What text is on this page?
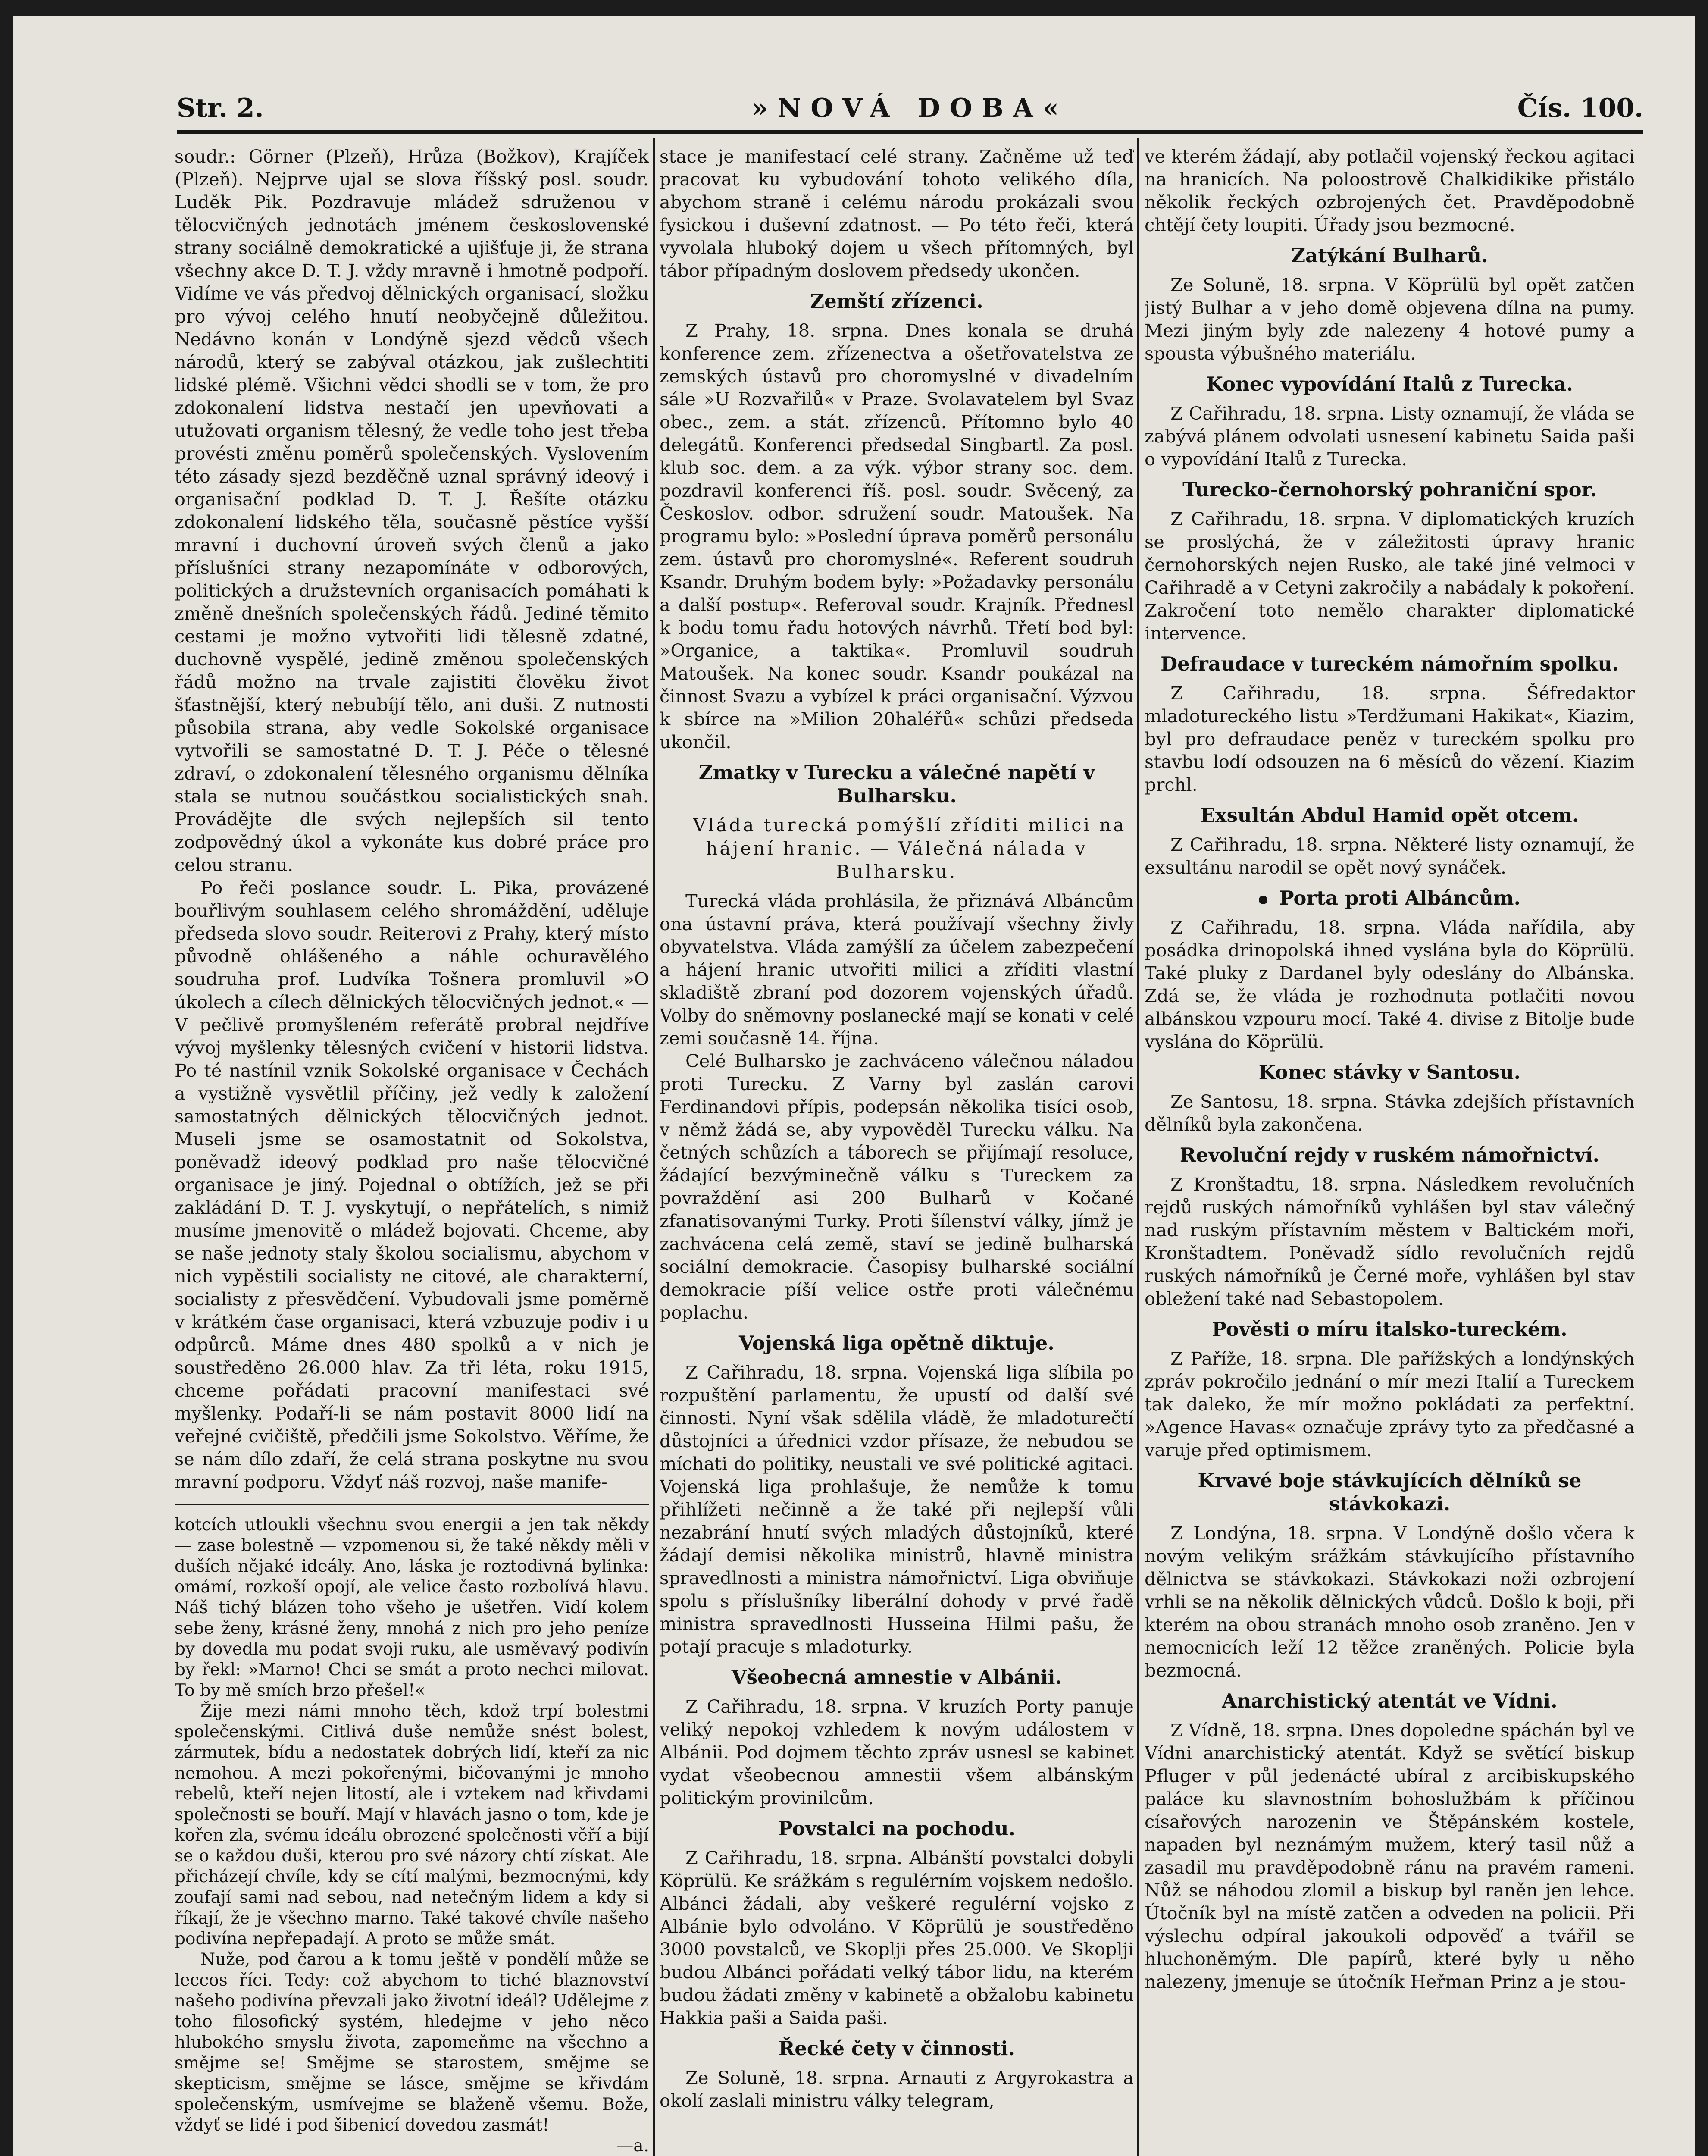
Str. 2.	»NOVÁ DOBA«	Čís. 100.

soudr.: Görner (Plzeň), Hrůza (Božkov), Krajíček (Plzeň). Nejprve ujal se slova říšský posl. soudr. Luděk Pik. Pozdravuje mládež sdruženou v tělocvičných jednotách jménem československé strany sociálně demokratické a ujišťuje ji, že strana všechny akce D. T. J. vždy mravně i hmotně podpoří. Vidíme ve vás předvoj dělnických organisací, složku pro vývoj celého hnutí neobyčejně důležitou. Nedávno konán v Londýně sjezd vědců všech národů, který se zabýval otázkou, jak zušlechtiti lidské plémě. Všichni vědci shodli se v tom, že pro zdokonalení lidstva nestačí jen upevňovati a utužovati organism tělesný, že vedle toho jest třeba provésti změnu poměrů společenských. Vyslovením této zásady sjezd bezděčně uznal správný ideový i organisační podklad D. T. J. Řešíte otázku zdokonalení lidského těla, současně pěstíce vyšší mravní i duchovní úroveň svých členů a jako příslušníci strany nezapomínáte v odborových, politických a družstevních organisacích pomáhati k změně dnešních společenských řádů. Jediné těmito cestami je možno vytvořiti lidi tělesně zdatné, duchovně vyspělé, jedině změnou společenských řádů možno na trvale zajistiti člověku život šťastnější, který nebubíjí tělo, ani duši. Z nutnosti působila strana, aby vedle Sokolské organisace vytvořili se samostatné D. T. J. Péče o tělesné zdraví, o zdokonalení tělesného organismu dělníka stala se nutnou součástkou socialistických snah. Provádějte dle svých nejlepších sil tento zodpovědný úkol a vykonáte kus dobré práce pro celou stranu.

Po řeči poslance soudr. L. Pika, provázené bouřlivým souhlasem celého shromáždění, uděluje předseda slovo soudr. Reiterovi z Prahy, který místo původně ohlášeného a náhle ochuravělého soudruha prof. Ludvíka Tošnera promluvil »O úkolech a cílech dělnických tělocvičných jednot.« — V pečlivě promyšleném referátě probral nejdříve vývoj myšlenky tělesných cvičení v historii lidstva. Po té nastínil vznik Sokolské organisace v Čechách a vystižně vysvětlil příčiny, jež vedly k založení samostatných dělnických tělocvičných jednot. Museli jsme se osamostatnit od Sokolstva, poněvadž ideový podklad pro naše tělocvičné organisace je jiný. Pojednal o obtížích, jež se při zakládání D. T. J. vyskytují, o nepřátelích, s nimiž musíme jmenovitě o mládež bojovati. Chceme, aby se naše jednoty staly školou socialismu, abychom v nich vypěstili socialisty ne citové, ale charakterní, socialisty z přesvědčení. Vybudovali jsme poměrně v krátkém čase organisaci, která vzbuzuje podiv i u odpůrců. Máme dnes 480 spolků a v nich je soustředěno 26.000 hlav. Za tři léta, roku 1915, chceme pořádati pracovní manifestaci své myšlenky. Podaří-li se nám postavit 8000 lidí na veřejné cvičiště, předčili jsme Sokolstvo. Věříme, že se nám dílo zdaří, že celá strana poskytne nu svou mravní podporu. Vždyť náš rozvoj, naše manife-

kotcích utloukli všechnu svou energii a jen tak někdy — zase bolestně — vzpomenou si, že také někdy měli v duších nějaké ideály. Ano, láska je roztodivná bylinka: omámí, rozkoší opojí, ale velice často rozbolívá hlavu. Náš tichý blázen toho všeho je ušetřen. Vidí kolem sebe ženy, krásné ženy, mnohá z nich pro jeho peníze by dovedla mu podat svoji ruku, ale usměvavý podivín by řekl: »Marno! Chci se smát a proto nechci milovat. To by mě smích brzo přešel!«

Žije mezi námi mnoho těch, kdož trpí bolestmi společenskými. Citlivá duše nemůže snést bolest, zármutek, bídu a nedostatek dobrých lidí, kteří za nic nemohou. A mezi pokořenými, bičovanými je mnoho rebelů, kteří nejen litostí, ale i vztekem nad křivdami společnosti se bouří. Mají v hlavách jasno o tom, kde je kořen zla, svému ideálu obrozené společnosti věří a bijí se o každou duši, kterou pro své názory chtí získat. Ale přicházejí chvíle, kdy se cítí malými, bezmocnými, kdy zoufají sami nad sebou, nad netečným lidem a kdy si říkají, že je všechno marno. Také takové chvíle našeho podivína nepřepadají. A proto se může smát.

Nuže, pod čarou a k tomu ještě v pondělí může se leccos říci. Tedy: což abychom to tiché blaznovství našeho podivína převzali jako životní ideál? Udělejme z toho filosofický systém, hledejme v jeho něco hlubokého smyslu života, zapomeňme na všechno a smějme se! Smějme se starostem, smějme se skepticism, smějme se lásce, smějme se křivdám společenským, usmívejme se blaženě všemu. Bože, vždyť se lidé i pod šibenicí dovedou zasmát!

—a.

stace je manifestací celé strany. Začněme už teď pracovat ku vybudování tohoto velikého díla, abychom straně i celému národu prokázali svou fysickou i duševní zdatnost. — Po této řeči, která vyvolala hluboký dojem u všech přítomných, byl tábor případným doslovem předsedy ukončen.

Zemští zřízenci.

Z Prahy, 18. srpna. Dnes konala se druhá konference zem. zřízenectva a ošetřovatelstva ze zemských ústavů pro choromyslné v divadelním sále »U Rozvařilů« v Praze. Svolavatelem byl Svaz obec., zem. a stát. zřízenců. Přítomno bylo 40 delegátů. Konferenci předsedal Singbartl. Za posl. klub soc. dem. a za výk. výbor strany soc. dem. pozdravil konferenci říš. posl. soudr. Svěcený, za Českoslov. odbor. sdružení soudr. Matoušek. Na programu bylo: »Poslední úprava poměrů personálu zem. ústavů pro choromyslné«. Referent soudruh Ksandr. Druhým bodem byly: »Požadavky personálu a další postup«. Referoval soudr. Krajník. Přednesl k bodu tomu řadu hotových návrhů. Třetí bod byl: »Organice, a taktika«. Promluvil soudruh Matoušek. Na konec soudr. Ksandr poukázal na činnost Svazu a vybízel k práci organisační. Výzvou k sbírce na »Milion 20haléřů« schůzi předseda ukončil.

Zmatky v Turecku a válečné napětí v Bulharsku.

Vláda turecká pomýšlí zříditi milici na hájení hranic. — Válečná nálada v Bulharsku.

Turecká vláda prohlásila, že přiznává Albáncům ona ústavní práva, která používají všechny živly obyvatelstva. Vláda zamýšlí za účelem zabezpečení a hájení hranic utvořiti milici a zříditi vlastní skladiště zbraní pod dozorem vojenských úřadů. Volby do sněmovny poslanecké mají se konati v celé zemi současně 14. října.

Celé Bulharsko je zachváceno válečnou náladou proti Turecku. Z Varny byl zaslán carovi Ferdinandovi přípis, podepsán několika tisíci osob, v němž žádá se, aby vypověděl Turecku válku. Na četných schůzích a táborech se přijímají resoluce, žádající bezvýminečně válku s Tureckem za povraždění asi 200 Bulharů v Kočané zfanatisovanými Turky. Proti šílenství války, jímž je zachvácena celá země, staví se jedině bulharská sociální demokracie. Časopisy bulharské sociální demokracie píší velice ostře proti válečnému poplachu.

Vojenská liga opětně diktuje.

Z Cařihradu, 18. srpna. Vojenská liga slíbila po rozpuštění parlamentu, že upustí od další své činnosti. Nyní však sdělila vládě, že mladoturečtí důstojníci a úřednici vzdor přísaze, že nebudou se míchati do politiky, neustali ve své politické agitaci. Vojenská liga prohlašuje, že nemůže k tomu přihlížeti nečinně a že také při nejlepší vůli nezabrání hnutí svých mladých důstojníků, které žádají demisi několika ministrů, hlavně ministra spravedlnosti a ministra námořnictví. Liga obviňuje spolu s příslušníky liberální dohody v prvé řadě ministra spravedlnosti Husseina Hilmi pašu, že potají pracuje s mladoturky.

Všeobecná amnestie v Albánii.

Z Cařihradu, 18. srpna. V kruzích Porty panuje veliký nepokoj vzhledem k novým událostem v Albánii. Pod dojmem těchto zpráv usnesl se kabinet vydat všeobecnou amnestii všem albánským politickým provinilcům.

Povstalci na pochodu.

Z Cařihradu, 18. srpna. Albánští povstalci dobyli Köprülü. Ke srážkám s regulérním vojskem nedošlo. Albánci žádali, aby veškeré regulérní vojsko z Albánie bylo odvoláno. V Köprülü je soustředěno 3000 povstalců, ve Skoplji přes 25.000. Ve Skoplji budou Albánci pořádati velký tábor lidu, na kterém budou žádati změny v kabinetě a obžalobu kabinetu Hakkia paši a Saida paši.

Řecké čety v činnosti.

Ze Soluně, 18. srpna. Arnauti z Argyrokastra a okolí zaslali ministru války telegram,

ve kterém žádají, aby potlačil vojenský řeckou agitaci na hranicích. Na poloostrově Chalkidikike přistálo několik řeckých ozbrojených čet. Pravděpodobně chtějí čety loupiti. Úřady jsou bezmocné.

Zatýkání Bulharů.

Ze Soluně, 18. srpna. V Köprülü byl opět zatčen jistý Bulhar a v jeho domě objevena dílna na pumy. Mezi jiným byly zde nalezeny 4 hotové pumy a spousta výbušného materiálu.

Konec vypovídání Italů z Turecka.

Z Cařihradu, 18. srpna. Listy oznamují, že vláda se zabývá plánem odvolati usnesení kabinetu Saida paši o vypovídání Italů z Turecka.

Turecko-černohorský pohraniční spor.

Z Cařihradu, 18. srpna. V diplomatických kruzích se proslýchá, že v záležitosti úpravy hranic černohorských nejen Rusko, ale také jiné velmoci v Cařihradě a v Cetyni zakročily a nabádaly k pokoření. Zakročení toto nemělo charakter diplomatické intervence.

Defraudace v tureckém námořním spolku.

Z Cařihradu, 18. srpna. Šéfredaktor mladotureckého listu »Terdžumani Hakikat«, Kiazim, byl pro defraudace peněz v tureckém spolku pro stavbu lodí odsouzen na 6 měsíců do vězení. Kiazim prchl.

Exsultán Abdul Hamid opět otcem.

Z Cařihradu, 18. srpna. Některé listy oznamují, že exsultánu narodil se opět nový synáček.

Porta proti Albáncům.

Z Cařihradu, 18. srpna. Vláda nařídila, aby posádka drinopolská ihned vyslána byla do Köprülü. Také pluky z Dardanel byly odeslány do Albánska. Zdá se, že vláda je rozhodnuta potlačiti novou albánskou vzpouru mocí. Také 4. divise z Bitolje bude vyslána do Köprülü.

Konec stávky v Santosu.

Ze Santosu, 18. srpna. Stávka zdejších přístavních dělníků byla zakončena.

Revoluční rejdy v ruském námořnictví.

Z Kronštadtu, 18. srpna. Následkem revolučních rejdů ruských námořníků vyhlášen byl stav válečný nad ruským přístavním městem v Baltickém moři, Kronštadtem. Poněvadž sídlo revolučních rejdů ruských námořníků je Černé moře, vyhlášen byl stav obležení také nad Sebastopolem.

Pověsti o míru italsko-tureckém.

Z Paříže, 18. srpna. Dle pařížských a londýnských zpráv pokročilo jednání o mír mezi Italií a Tureckem tak daleko, že mír možno pokládati za perfektní. »Agence Havas« označuje zprávy tyto za předčasné a varuje před optimismem.

Krvavé boje stávkujících dělníků se stávkokazi.

Z Londýna, 18. srpna. V Londýně došlo včera k novým velikým srážkám stávkujícího přístavního dělnictva se stávkokazi. Stávkokazi noži ozbrojení vrhli se na několik dělnických vůdců. Došlo k boji, při kterém na obou stranách mnoho osob zraněno. Jen v nemocnicích leží 12 těžce zraněných. Policie byla bezmocná.

Anarchistický atentát ve Vídni.

Z Vídně, 18. srpna. Dnes dopoledne spáchán byl ve Vídni anarchistický atentát. Když se světící biskup Pfluger v půl jedenácté ubíral z arcibiskupského paláce ku slavnostním bohoslužbám k příčinou císařových narozenin ve Štěpánském kostele, napaden byl neznámým mužem, který tasil nůž a zasadil mu pravděpodobně ránu na pravém rameni. Nůž se náhodou zlomil a biskup byl raněn jen lehce. Útočník byl na místě zatčen a odveden na policii. Při výslechu odpíral jakoukoli odpověď a tvářil se hluchoněmým. Dle papírů, které byly u něho nalezeny, jmenuje se útočník Heřman Prinz a je stou-
